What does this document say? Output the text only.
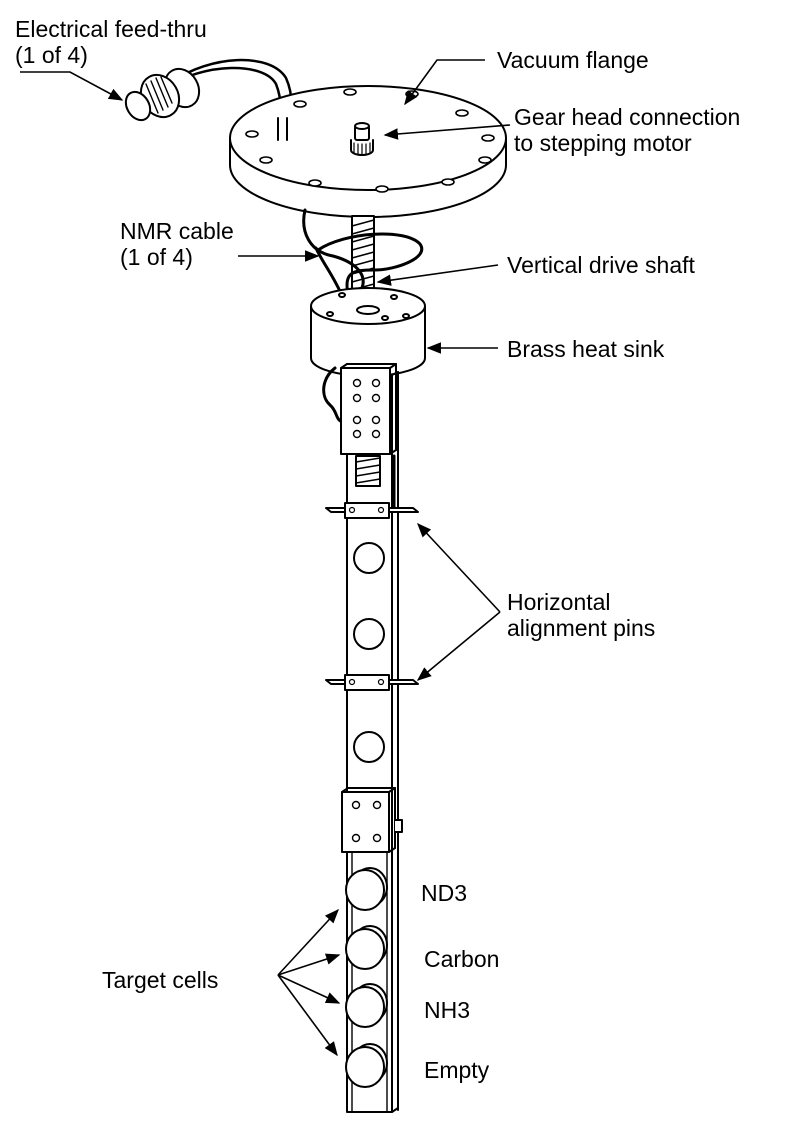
Electrical feed-thru
(1 of 4)	Vacuum flange
Gear head connection
to stepping motor
NMR cable
(1 of 4)	Vertical drive shaft
Brass heat sink
Horizontal
alignment pins
Target cells
ND3
Carbon
NH3
Empty
